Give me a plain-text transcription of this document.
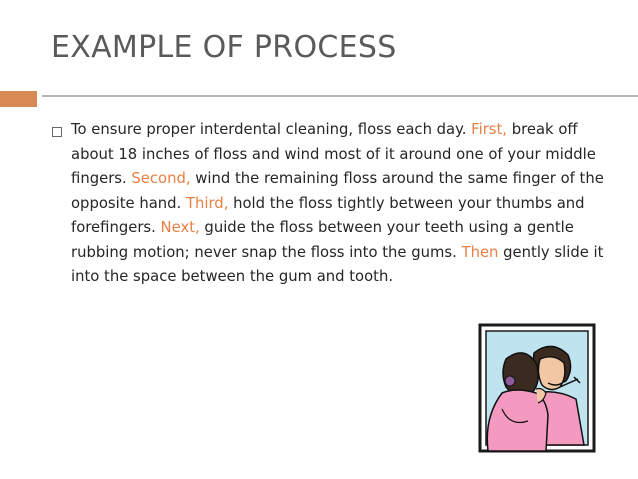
EXAMPLE OF PROCESS
To ensure proper interdental cleaning, floss each day. First, break off about 18 inches of floss and wind most of it around one of your middle fingers. Second, wind the remaining floss around the same finger of the opposite hand. Third, hold the floss tightly between your thumbs and forefingers. Next, guide the floss between your teeth using a gentle rubbing motion; never snap the floss into the gums. Then gently slide it into the space between the gum and tooth.
